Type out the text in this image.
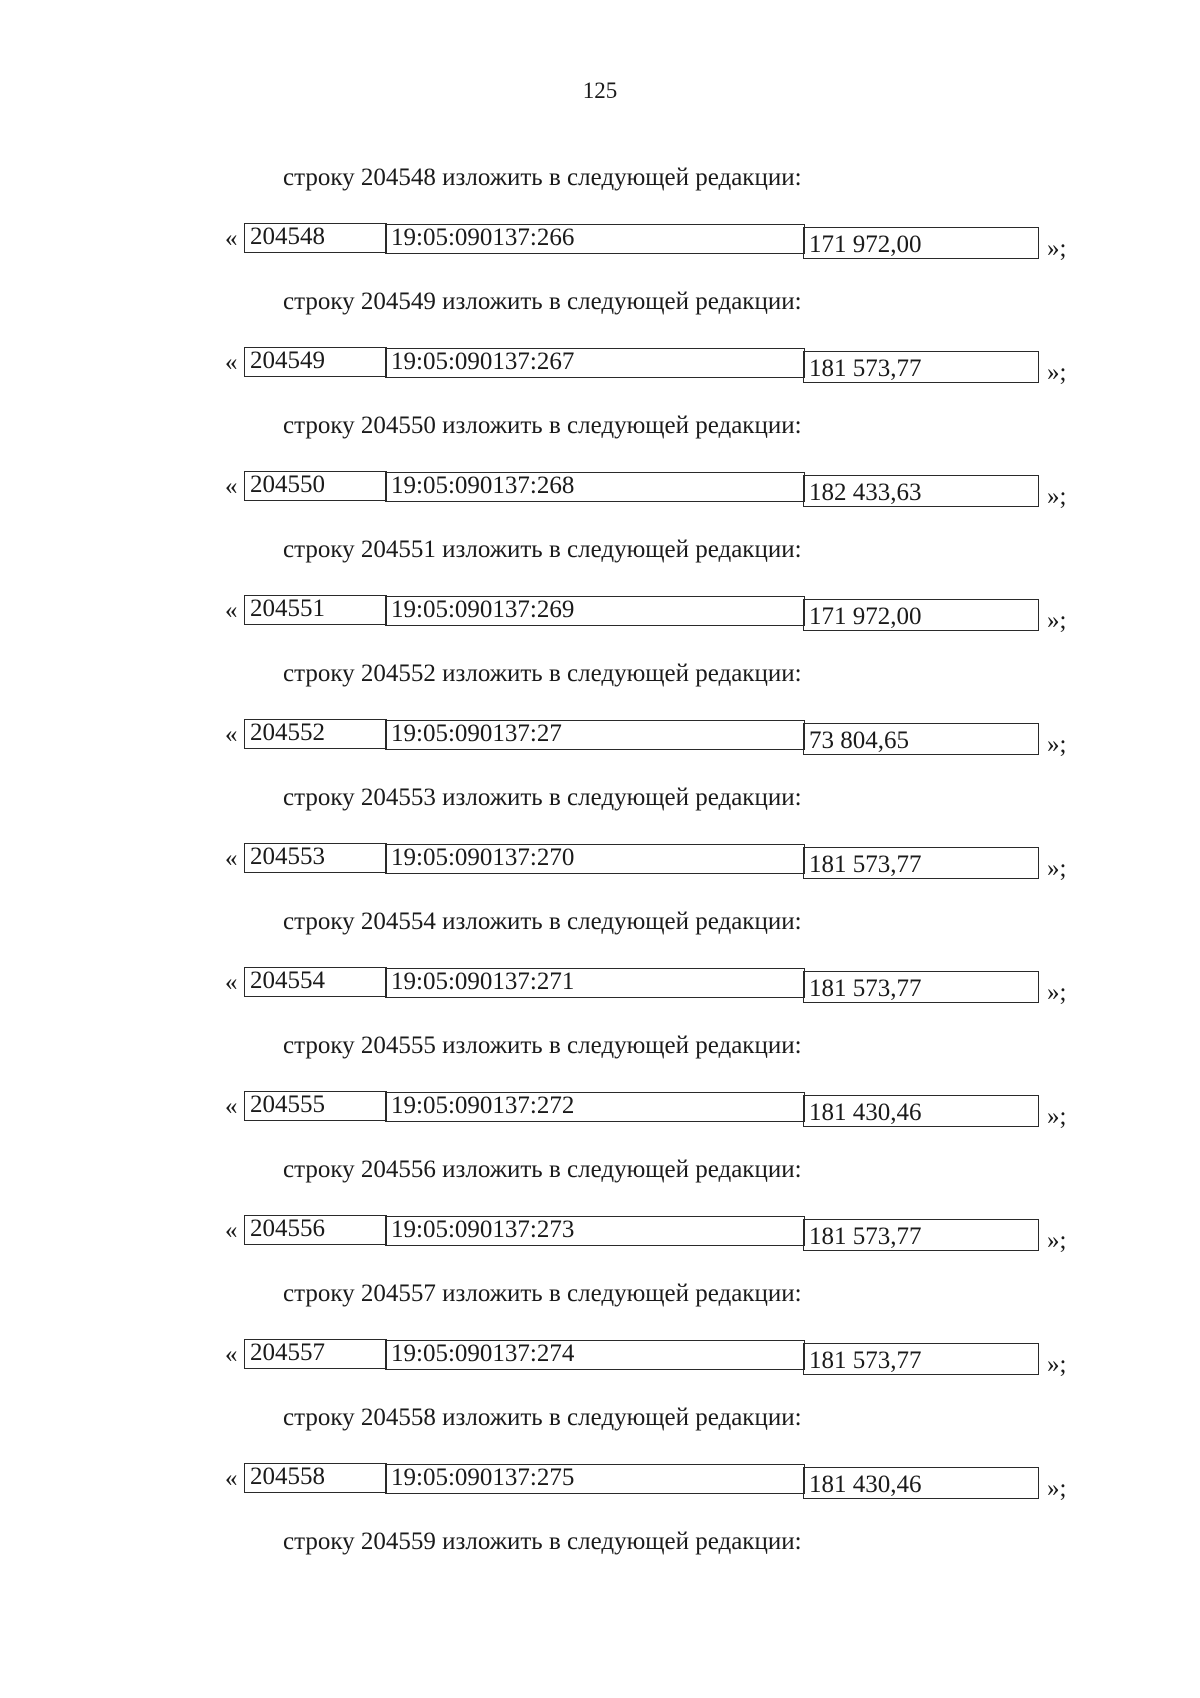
125
строку 204548 изложить в следующей редакции:
« 204548	19:05:090137:266	171 972,00	»;
строку 204549 изложить в следующей редакции:
« 204549	19:05:090137:267	181 573,77	»;
строку 204550 изложить в следующей редакции:
« 204550	19:05:090137:268	182 433,63	»;
строку 204551 изложить в следующей редакции:
« 204551	19:05:090137:269	171 972,00	»;
строку 204552 изложить в следующей редакции:
« 204552	19:05:090137:27	73 804,65	»;
строку 204553 изложить в следующей редакции:
« 204553	19:05:090137:270	181 573,77	»;
строку 204554 изложить в следующей редакции:
« 204554	19:05:090137:271	181 573,77	»;
строку 204555 изложить в следующей редакции:
« 204555	19:05:090137:272	181 430,46	»;
строку 204556 изложить в следующей редакции:
« 204556	19:05:090137:273	181 573,77	»;
строку 204557 изложить в следующей редакции:
« 204557	19:05:090137:274	181 573,77	»;
строку 204558 изложить в следующей редакции:
« 204558	19:05:090137:275	181 430,46	»;
строку 204559 изложить в следующей редакции:
